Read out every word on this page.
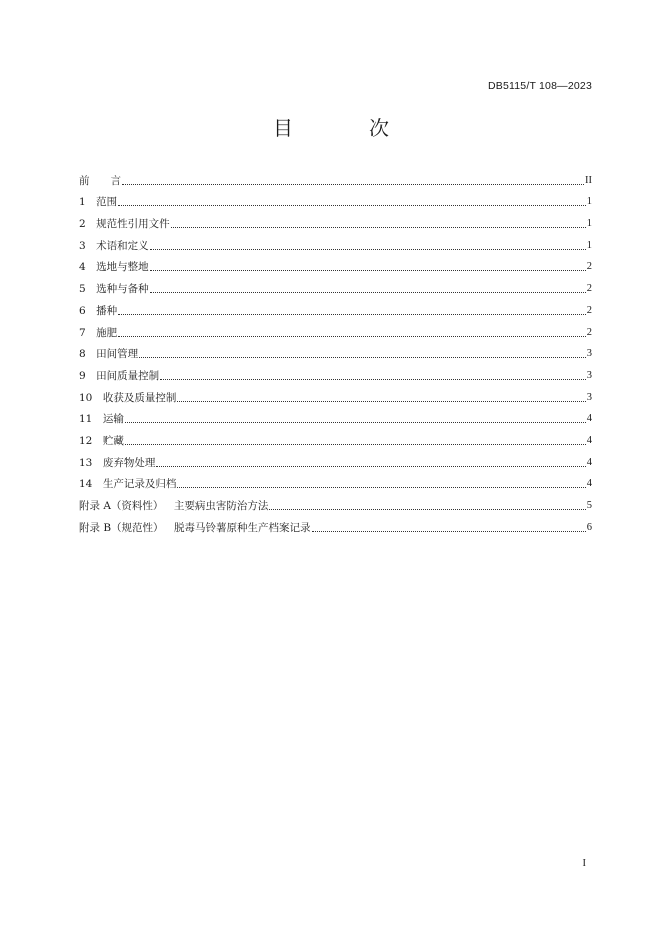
DB5115/T 108—2023
目　次
前 　　言	II
1 　范围	1
2 　规范性引用文件	1
3 　术语和定义	1
4 　选地与整地	2
5 　选种与备种	2
6 　播种	2
7 　施肥	2
8 　田间管理	3
9 　田间质量控制	3
10 　收获及质量控制	3
11 　运输	4
12 　贮藏	4
13 　废弃物处理	4
14 　生产记录及归档	4
附录 A（资料性） 　主要病虫害防治方法	5
附录 B（规范性） 　脱毒马铃薯原种生产档案记录	6
I
